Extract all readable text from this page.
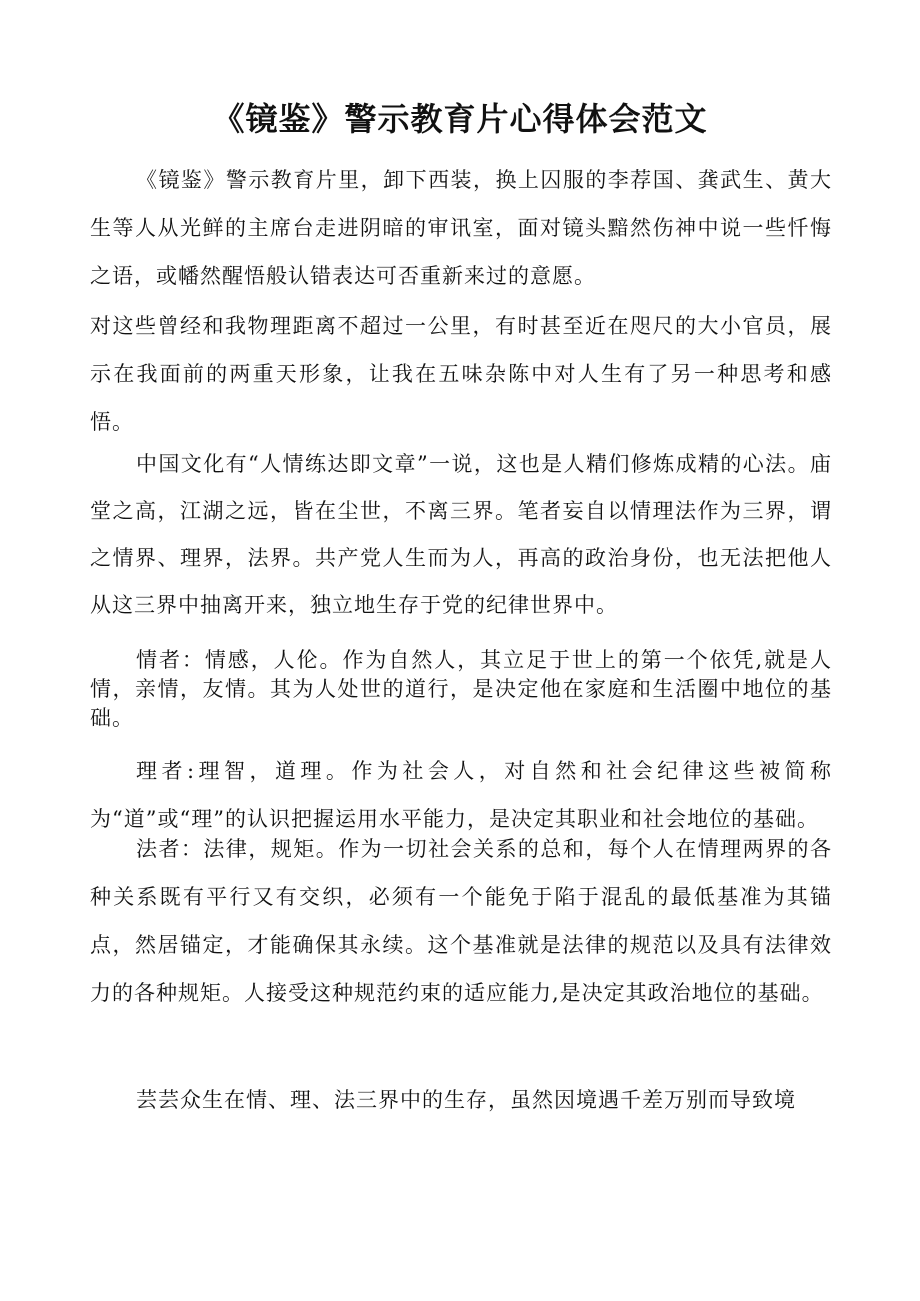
《镜鉴》警示教育片心得体会范文

《镜鉴》警示教育片里，卸下西装，换上囚服的李荐国、龚武生、黄大生等人从光鲜的主席台走进阴暗的审讯室，面对镜头黯然伤神中说一些忏悔之语，或幡然醒悟般认错表达可否重新来过的意愿。

对这些曾经和我物理距离不超过一公里，有时甚至近在咫尺的大小官员，展示在我面前的两重天形象，让我在五味杂陈中对人生有了另一种思考和感悟。

中国文化有“人情练达即文章”一说，这也是人精们修炼成精的心法。庙堂之高，江湖之远，皆在尘世，不离三界。笔者妄自以情理法作为三界，谓之情界、理界，法界。共产党人生而为人，再高的政治身份，也无法把他人从这三界中抽离开来，独立地生存于党的纪律世界中。

情者：情感，人伦。作为自然人，其立足于世上的第一个依凭,就是人情，亲情，友情。其为人处世的道行，是决定他在家庭和生活圈中地位的基础。

理者:理智，道理。作为社会人，对自然和社会纪律这些被简称为“道”或“理”的认识把握运用水平能力，是决定其职业和社会地位的基础。

法者：法律，规矩。作为一切社会关系的总和，每个人在情理两界的各种关系既有平行又有交织，必须有一个能免于陷于混乱的最低基准为其锚点，然居锚定，才能确保其永续。这个基准就是法律的规范以及具有法律效力的各种规矩。人接受这种规范约束的适应能力,是决定其政治地位的基础。

芸芸众生在情、理、法三界中的生存，虽然因境遇千差万别而导致境
